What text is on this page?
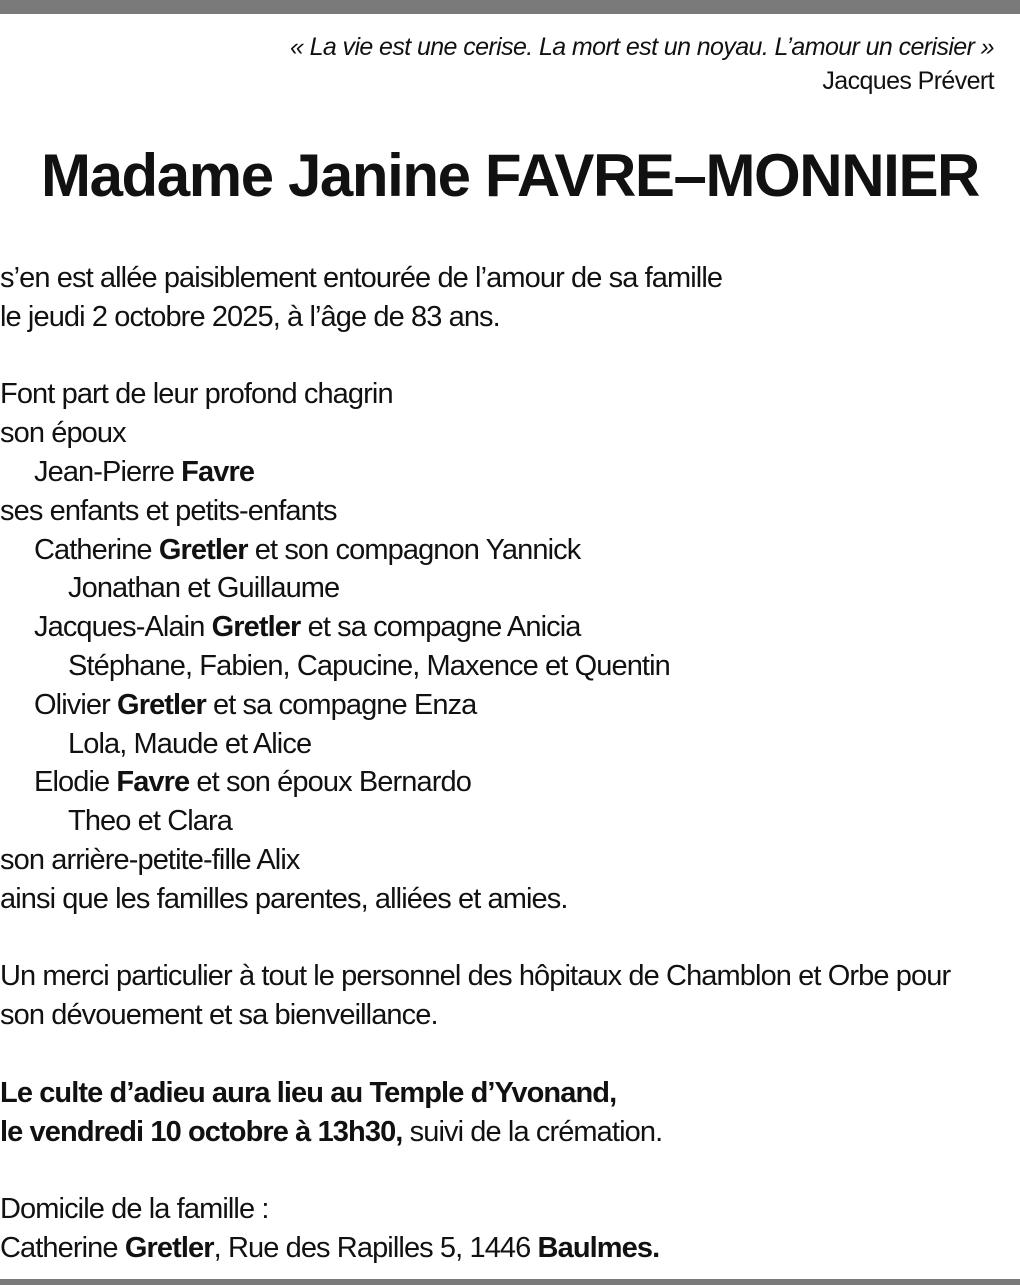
« La vie est une cerise. La mort est un noyau. L’amour un cerisier »
Jacques Prévert
Madame Janine FAVRE–MONNIER
s’en est allée paisiblement entourée de l’amour de sa famille
le jeudi 2 octobre 2025, à l’âge de 83 ans.
Font part de leur profond chagrin
son époux
Jean-Pierre Favre
ses enfants et petits-enfants
Catherine Gretler et son compagnon Yannick
Jonathan et Guillaume
Jacques-Alain Gretler et sa compagne Anicia
Stéphane, Fabien, Capucine, Maxence et Quentin
Olivier Gretler et sa compagne Enza
Lola, Maude et Alice
Elodie Favre et son époux Bernardo
Theo et Clara
son arrière-petite-fille Alix
ainsi que les familles parentes, alliées et amies.
Un merci particulier à tout le personnel des hôpitaux de Chamblon et Orbe pour
son dévouement et sa bienveillance.
Le culte d’adieu aura lieu au Temple d’Yvonand,
le vendredi 10 octobre à 13h30, suivi de la crémation.
Domicile de la famille :
Catherine Gretler, Rue des Rapilles 5, 1446 Baulmes.
